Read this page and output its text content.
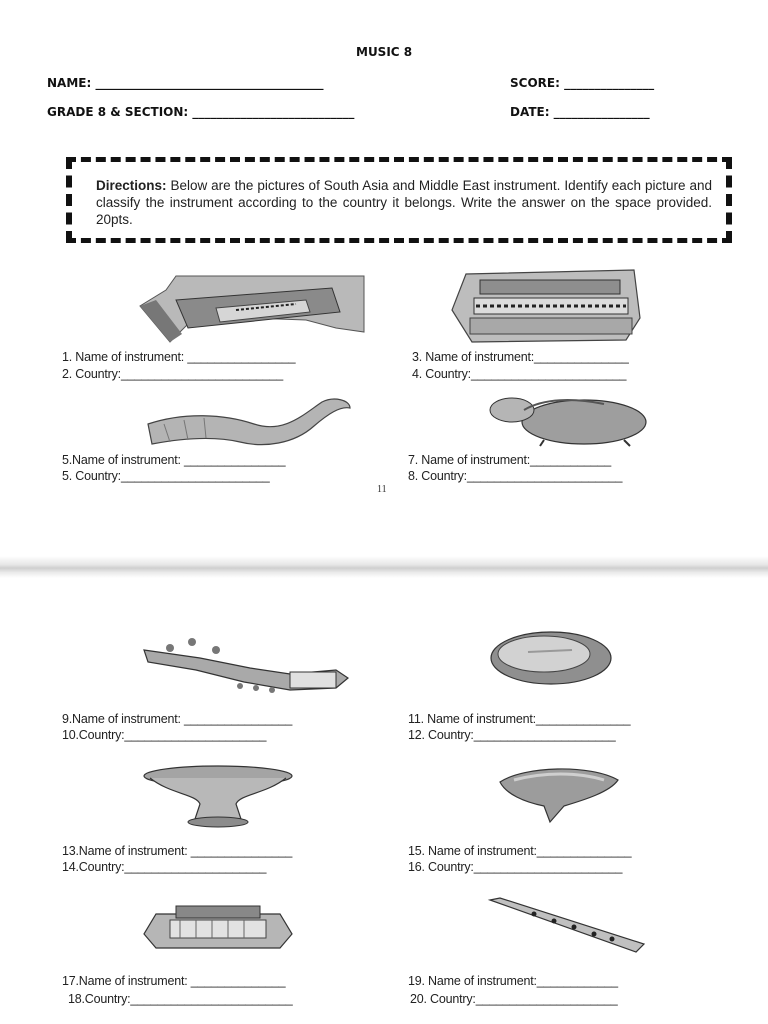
MUSIC 8
NAME: ______________________________________	SCORE: _______________
GRADE 8 & SECTION: ___________________________	DATE: ________________
Directions: Below are the pictures of South Asia and Middle East instrument. Identify each picture and classify the instrument according to the country it belongs. Write the answer on the space provided. 20pts.
1. Name of instrument: ________________
2. Country:________________________
3. Name of instrument:______________
4. Country:_______________________
5.Name of instrument: _______________
5. Country:______________________
7. Name of instrument:____________
8. Country:_______________________
11
9.Name of instrument: ________________
10.Country:_____________________
11. Name of instrument:______________
12. Country:_____________________
13.Name of instrument: _______________
14.Country:_____________________
15. Name of instrument:______________
16. Country:______________________
17.Name of instrument: ______________
18.Country:________________________
19. Name of instrument:____________
20. Country:_____________________
